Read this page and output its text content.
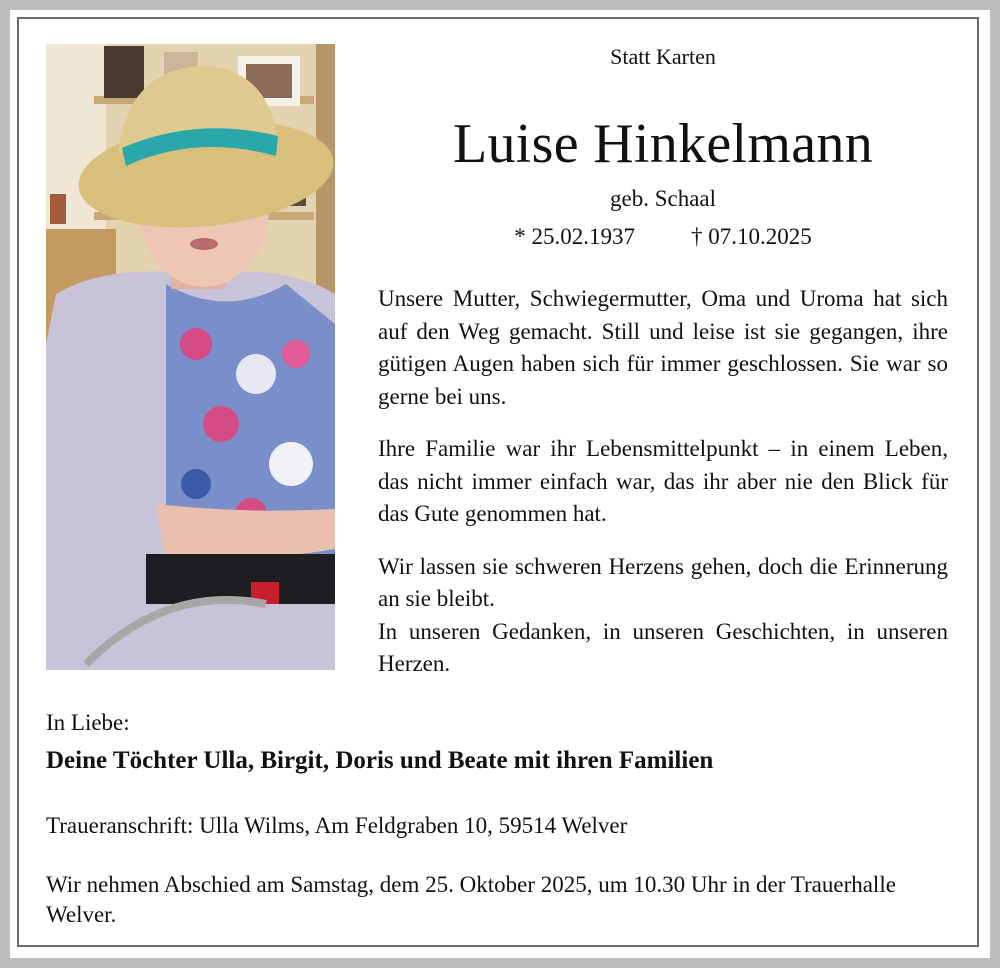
Statt Karten
Luise Hinkelmann
geb. Schaal
* 25.02.1937 † 07.10.2025

Unsere Mutter, Schwiegermutter, Oma und Uroma hat sich auf den Weg gemacht. Still und leise ist sie gegangen, ihre gütigen Augen haben sich für immer geschlossen. Sie war so gerne bei uns.

Ihre Familie war ihr Lebensmittelpunkt – in einem Leben, das nicht immer einfach war, das ihr aber nie den Blick für das Gute genommen hat.

Wir lassen sie schweren Herzens gehen, doch die Erinnerung an sie bleibt.

In unseren Gedanken, in unseren Geschichten, in unseren Herzen.

In Liebe:
Deine Töchter Ulla, Birgit, Doris und Beate mit ihren Familien
Traueranschrift: Ulla Wilms, Am Feldgraben 10, 59514 Welver
Wir nehmen Abschied am Samstag, dem 25. Oktober 2025, um 10.30 Uhr in der Trauerhalle Welver.
